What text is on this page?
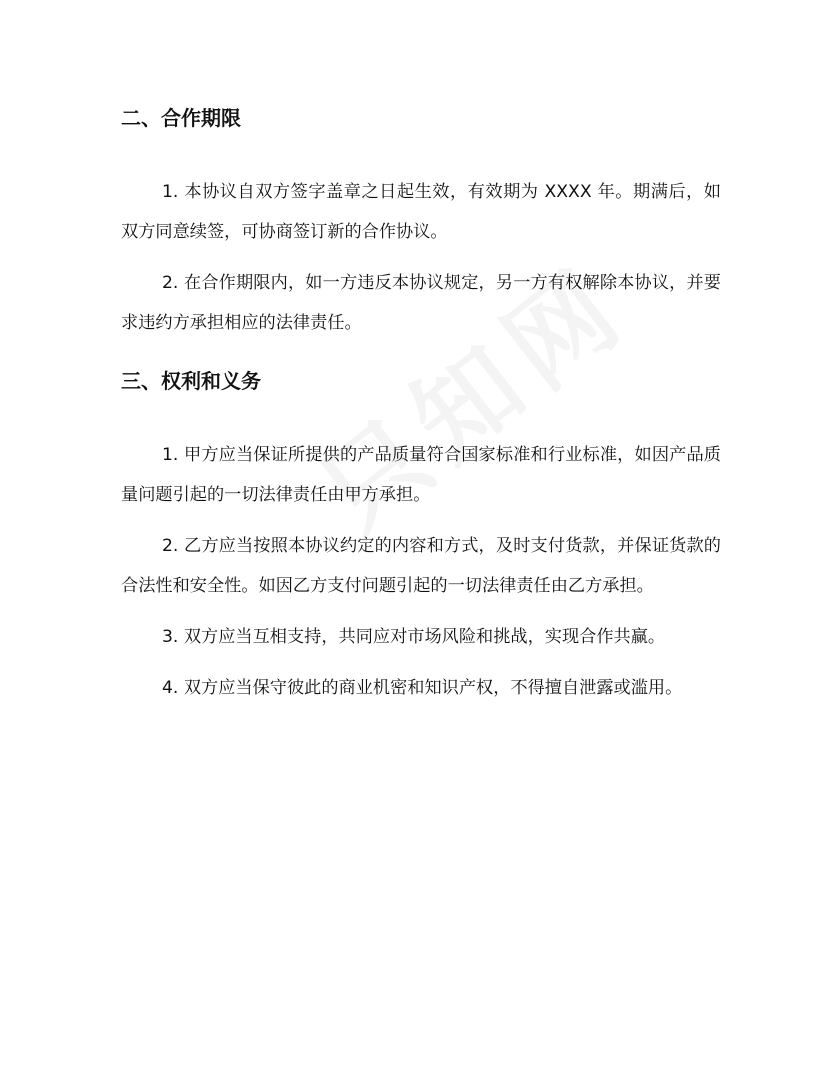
二、合作期限

1. 本协议自双方签字盖章之日起生效，有效期为 XXXX 年。期满后，如双方同意续签，可协商签订新的合作协议。

2. 在合作期限内，如一方违反本协议规定，另一方有权解除本协议，并要求违约方承担相应的法律责任。

三、权利和义务

1. 甲方应当保证所提供的产品质量符合国家标准和行业标准，如因产品质量问题引起的一切法律责任由甲方承担。

2. 乙方应当按照本协议约定的内容和方式，及时支付货款，并保证货款的合法性和安全性。如因乙方支付问题引起的一切法律责任由乙方承担。

3. 双方应当互相支持，共同应对市场风险和挑战，实现合作共赢。

4. 双方应当保守彼此的商业机密和知识产权，不得擅自泄露或滥用。
